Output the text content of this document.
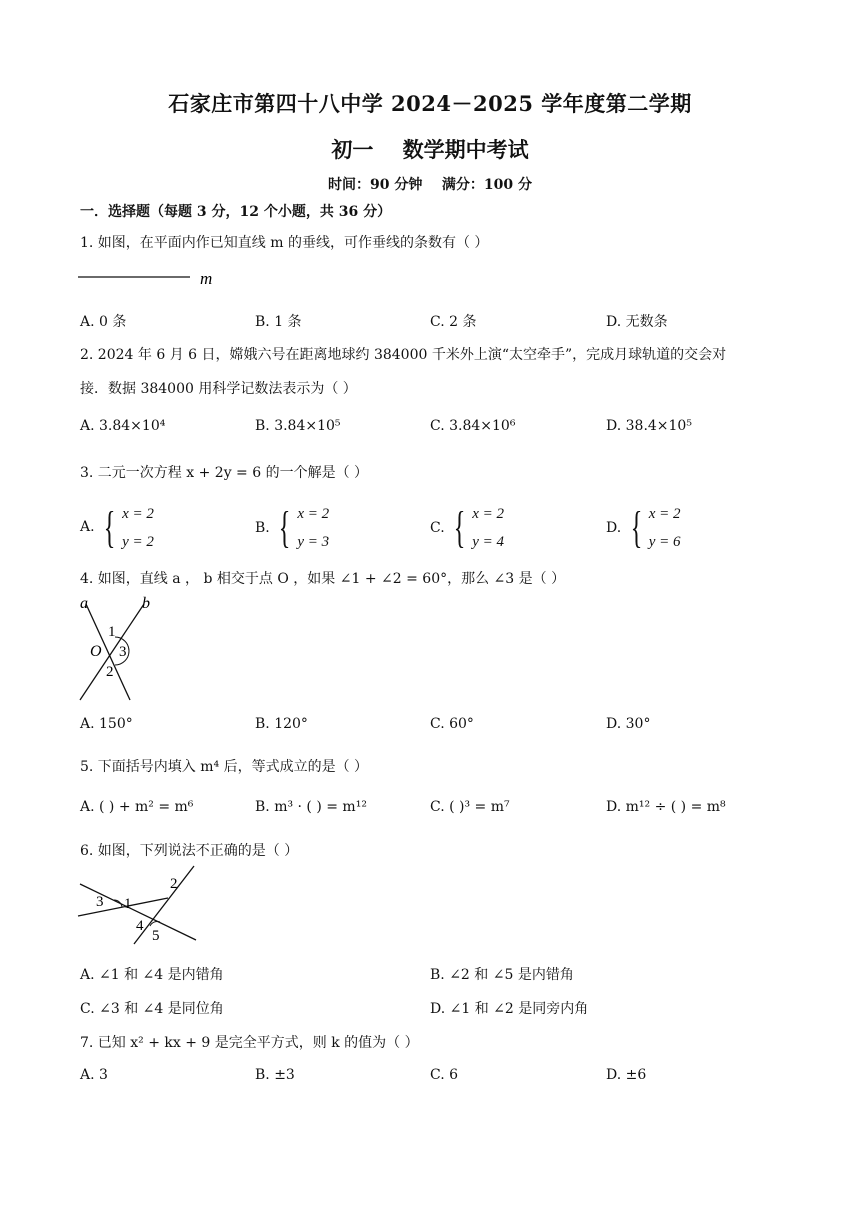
石家庄市第四十八中学 2024－2025 学年度第二学期
初一    数学期中考试
时间：90 分钟    满分：100 分
一．选择题（每题 3 分，12 个小题，共 36 分）
1. 如图，在平面内作已知直线 m 的垂线，可作垂线的条数有（ ）
m
A. 0 条	B. 1 条	C. 2 条	D. 无数条
2. 2024 年 6 月 6 日，嫦娥六号在距离地球约 384000 千米外上演“太空牵手”，完成月球轨道的交会对
接．数据 384000 用科学记数法表示为（ ）
A. 3.84×10⁴	B. 3.84×10⁵	C. 3.84×10⁶	D. 38.4×10⁵
3. 二元一次方程 x + 2y = 6 的一个解是（ ）
A. { x = 2
y = 2
B. { x = 2
y = 3
C. { x = 2
y = 4
D. { x = 2
y = 6
4. 如图，直线 a ， b 相交于点 O ，如果 ∠1 + ∠2 = 60°，那么 ∠3 是（ ）
a	b
O
1
3
2
A. 150°	B. 120°	C. 60°	D. 30°
5. 下面括号内填入 m⁴ 后，等式成立的是（ ）
A. ( ) + m² = m⁶	B. m³ · ( ) = m¹²	C. ( )³ = m⁷	D. m¹² ÷ ( ) = m⁸
6. 如图，下列说法不正确的是（ ）
3 1
2
4
5
A. ∠1 和 ∠4 是内错角	B. ∠2 和 ∠5 是内错角
C. ∠3 和 ∠4 是同位角	D. ∠1 和 ∠2 是同旁内角
7. 已知 x² + kx + 9 是完全平方式，则 k 的值为（ ）
A. 3	B. ±3	C. 6	D. ±6
